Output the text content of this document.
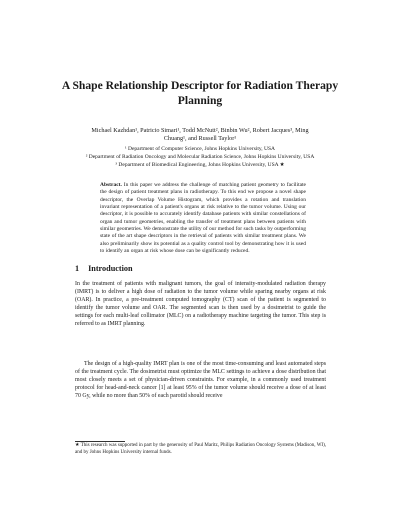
A Shape Relationship Descriptor for Radiation Therapy Planning
Michael Kazhdan¹, Patricio Simari¹, Todd McNutt², Binbin Wu², Robert Jacques³, Ming Chuang¹, and Russell Taylor¹
¹ Department of Computer Science, Johns Hopkins University, USA
² Department of Radiation Oncology and Molecular Radiation Science, Johns Hopkins University, USA
³ Department of Biomedical Engineering, Johns Hopkins University, USA ★
Abstract. In this paper we address the challenge of matching patient geometry to facilitate the design of patient treatment plans in radiotherapy. To this end we propose a novel shape descriptor, the Overlap Volume Histogram, which provides a rotation and translation invariant representation of a patient's organs at risk relative to the tumor volume. Using our descriptor, it is possible to accurately identify database patients with similar constellations of organ and tumor geometries, enabling the transfer of treatment plans between patients with similar geometries. We demonstrate the utility of our method for such tasks by outperforming state of the art shape descriptors in the retrieval of patients with similar treatment plans. We also preliminarily show its potential as a quality control tool by demonstrating how it is used to identify an organ at risk whose dose can be significantly reduced.
1 Introduction
In the treatment of patients with malignant tumors, the goal of intensity-modulated radiation therapy (IMRT) is to deliver a high dose of radiation to the tumor volume while sparing nearby organs at risk (OAR). In practice, a pre-treatment computed tomography (CT) scan of the patient is segmented to identify the tumor volume and OAR. The segmented scan is then used by a dosimetrist to guide the settings for each multi-leaf collimator (MLC) on a radiotherapy machine targeting the tumor. This step is referred to as IMRT planning.
The design of a high-quality IMRT plan is one of the most time-consuming and least automated steps of the treatment cycle. The dosimetrist must optimize the MLC settings to achieve a dose distribution that most closely meets a set of physician-driven constraints. For example, in a commonly used treatment protocol for head-and-neck cancer [1] at least 95% of the tumor volume should receive a dose of at least 70 Gy, while no more than 50% of each parotid should receive
★ This research was supported in part by the generosity of Paul Maritz, Philips Radiation Oncology Systems (Madison, WI), and by Johns Hopkins University internal funds.
